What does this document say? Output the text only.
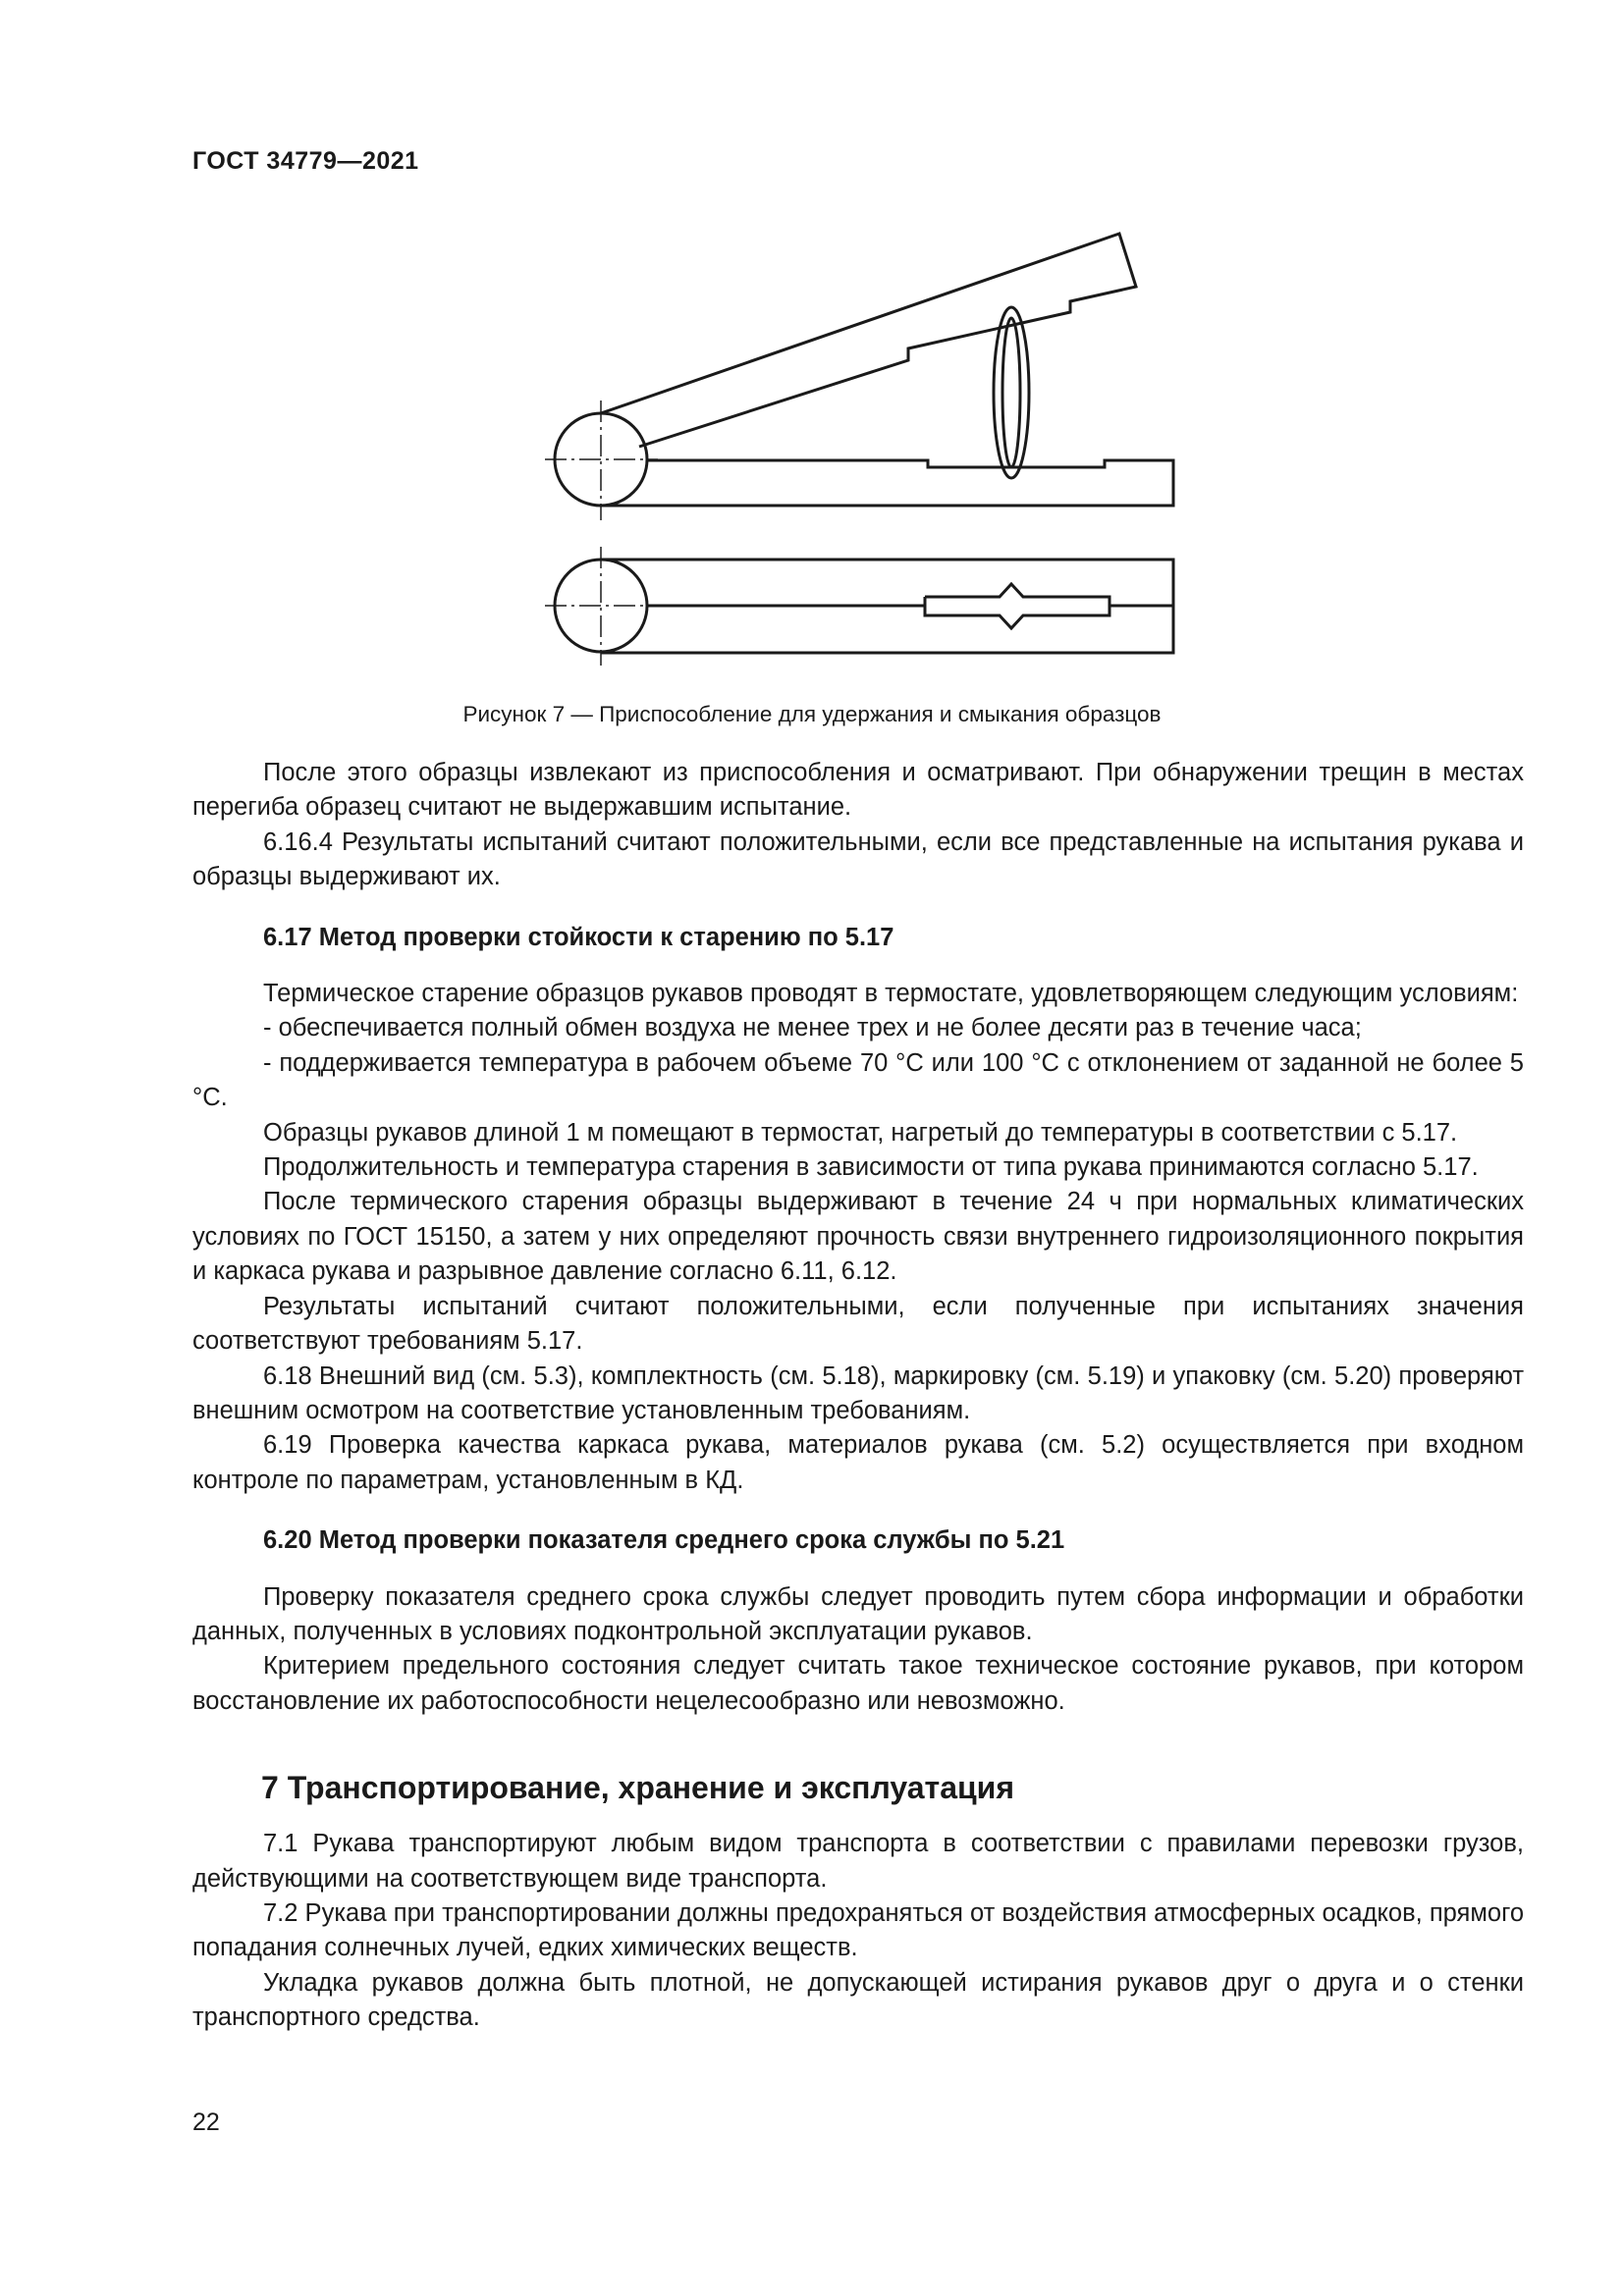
ГОСТ 34779—2021
Рисунок 7 — Приспособление для удержания и смыкания образцов

После этого образцы извлекают из приспособления и осматривают. При обнаружении трещин в местах перегиба образец считают не выдержавшим испытание.

6.16.4 Результаты испытаний считают положительными, если все представленные на испытания рукава и образцы выдерживают их.

6.17 Метод проверки стойкости к старению по 5.17

Термическое старение образцов рукавов проводят в термостате, удовлетворяющем следующим условиям:

- обеспечивается полный обмен воздуха не менее трех и не более десяти раз в течение часа;

- поддерживается температура в рабочем объеме 70 °С или 100 °С с отклонением от заданной не более 5 °С.

Образцы рукавов длиной 1 м помещают в термостат, нагретый до температуры в соответствии с 5.17.

Продолжительность и температура старения в зависимости от типа рукава принимаются согласно 5.17.

После термического старения образцы выдерживают в течение 24 ч при нормальных климатических условиях по ГОСТ 15150, а затем у них определяют прочность связи внутреннего гидроизоляционного покрытия и каркаса рукава и разрывное давление согласно 6.11, 6.12.

Результаты испытаний считают положительными, если полученные при испытаниях значения соответствуют требованиям 5.17.

6.18 Внешний вид (см. 5.3), комплектность (см. 5.18), маркировку (см. 5.19) и упаковку (см. 5.20) проверяют внешним осмотром на соответствие установленным требованиям.

6.19 Проверка качества каркаса рукава, материалов рукава (см. 5.2) осуществляется при входном контроле по параметрам, установленным в КД.

6.20 Метод проверки показателя среднего срока службы по 5.21

Проверку показателя среднего срока службы следует проводить путем сбора информации и обработки данных, полученных в условиях подконтрольной эксплуатации рукавов.

Критерием предельного состояния следует считать такое техническое состояние рукавов, при котором восстановление их работоспособности нецелесообразно или невозможно.

7 Транспортирование, хранение и эксплуатация

7.1 Рукава транспортируют любым видом транспорта в соответствии с правилами перевозки грузов, действующими на соответствующем виде транспорта.

7.2 Рукава при транспортировании должны предохраняться от воздействия атмосферных осадков, прямого попадания солнечных лучей, едких химических веществ.

Укладка рукавов должна быть плотной, не допускающей истирания рукавов друг о друга и о стенки транспортного средства.

22
